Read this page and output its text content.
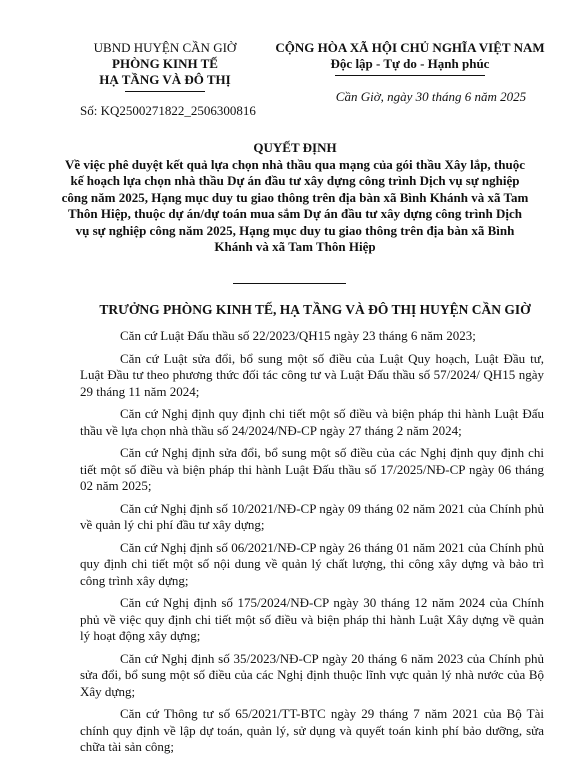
UBND HUYỆN CẦN GIỜ
PHÒNG KINH TẾ
HẠ TẦNG VÀ ĐÔ THỊ
CỘNG HÒA XÃ HỘI CHỦ NGHĨA VIỆT NAM
Độc lập - Tự do - Hạnh phúc
Cần Giờ, ngày 30 tháng 6 năm 2025
Số: KQ2500271822_2506300816
QUYẾT ĐỊNH
Về việc phê duyệt kết quả lựa chọn nhà thầu qua mạng của gói thầu Xây lắp, thuộc kế hoạch lựa chọn nhà thầu Dự án đầu tư xây dựng công trình Dịch vụ sự nghiệp công năm 2025, Hạng mục duy tu giao thông trên địa bàn xã Bình Khánh và xã Tam Thôn Hiệp, thuộc dự án/dự toán mua sắm Dự án đầu tư xây dựng công trình Dịch vụ sự nghiệp công năm 2025, Hạng mục duy tu giao thông trên địa bàn xã Bình Khánh và xã Tam Thôn Hiệp
TRƯỞNG PHÒNG KINH TẾ, HẠ TẦNG VÀ ĐÔ THỊ HUYỆN CẦN GIỜ

Căn cứ Luật Đấu thầu số 22/2023/QH15 ngày 23 tháng 6 năm 2023;

Căn cứ Luật sửa đổi, bổ sung một số điều của Luật Quy hoạch, Luật Đầu tư, Luật Đầu tư theo phương thức đối tác công tư và Luật Đấu thầu số 57/2024/ QH15 ngày 29 tháng 11 năm 2024;

Căn cứ Nghị định quy định chi tiết một số điều và biện pháp thi hành Luật Đấu thầu về lựa chọn nhà thầu số 24/2024/NĐ-CP ngày 27 tháng 2 năm 2024;

Căn cứ Nghị định sửa đổi, bổ sung một số điều của các Nghị định quy định chi tiết một số điều và biện pháp thi hành Luật Đấu thầu số 17/2025/NĐ-CP ngày 06 tháng 02 năm 2025;

Căn cứ Nghị định số 10/2021/NĐ-CP ngày 09 tháng 02 năm 2021 của Chính phủ về quản lý chi phí đầu tư xây dựng;

Căn cứ Nghị định số 06/2021/NĐ-CP ngày 26 tháng 01 năm 2021 của Chính phủ quy định chi tiết một số nội dung về quản lý chất lượng, thi công xây dựng và bảo trì công trình xây dựng;

Căn cứ Nghị định số 175/2024/NĐ-CP ngày 30 tháng 12 năm 2024 của Chính phủ về việc quy định chi tiết một số điều và biện pháp thi hành Luật Xây dựng về quản lý hoạt động xây dựng;

Căn cứ Nghị định số 35/2023/NĐ-CP ngày 20 tháng 6 năm 2023 của Chính phủ sửa đổi, bổ sung một số điều của các Nghị định thuộc lĩnh vực quản lý nhà nước của Bộ Xây dựng;

Căn cứ Thông tư số 65/2021/TT-BTC ngày 29 tháng 7 năm 2021 của Bộ Tài chính quy định về lập dự toán, quản lý, sử dụng và quyết toán kinh phí bảo dưỡng, sửa chữa tài sản công;
